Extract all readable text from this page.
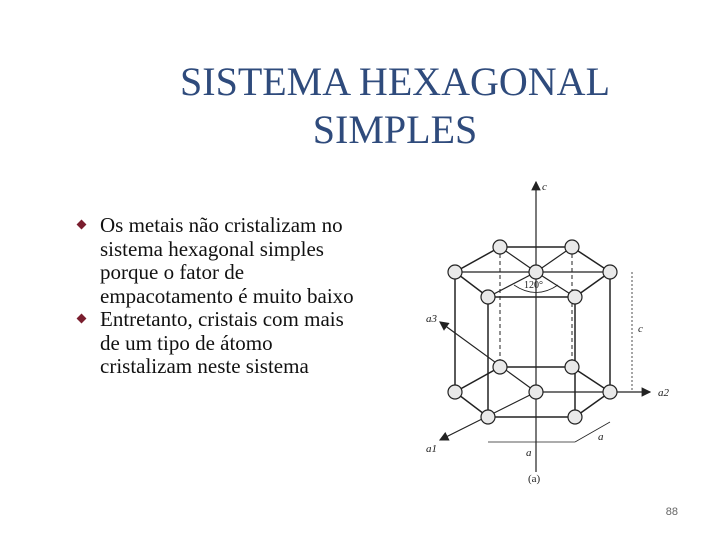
SISTEMA HEXAGONAL
SIMPLES
Os metais não cristalizam no sistema hexagonal simples porque o fator de empacotamento é muito baixo
Entretanto, cristais com mais de um tipo de átomo cristalizam neste sistema
c
120°
a3
a2
a1
c
a
a
(a)
88
